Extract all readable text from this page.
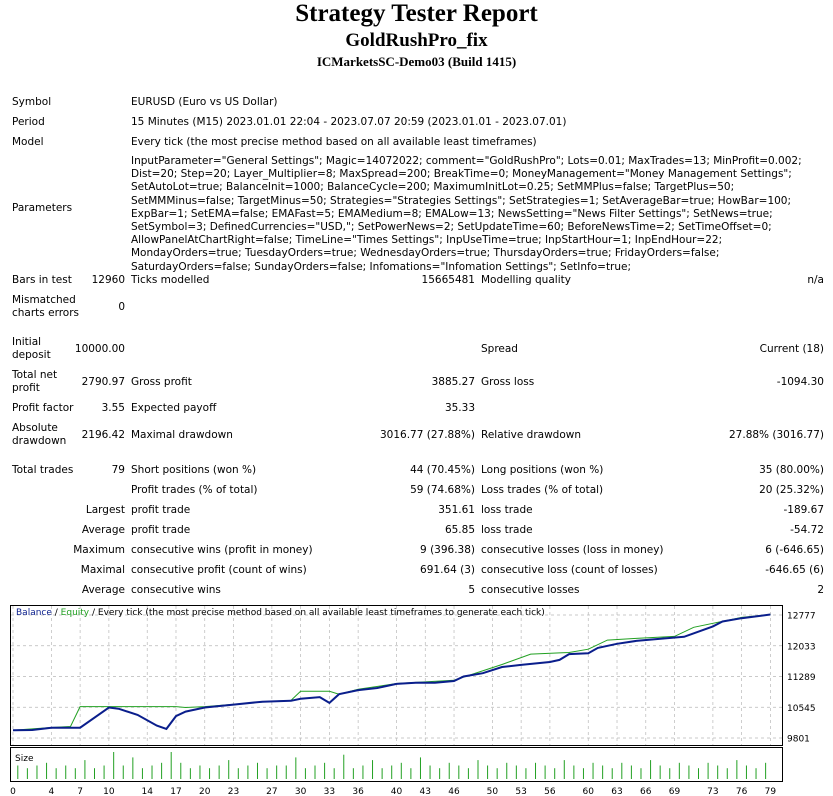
Strategy Tester Report
GoldRushPro_fix
ICMarketsSC-Demo03 (Build 1415)
Symbol	EURUSD (Euro vs US Dollar)
Period	15 Minutes (M15) 2023.01.01 22:04 - 2023.07.07 20:59 (2023.01.01 - 2023.07.01)
Model	Every tick (the most precise method based on all available least timeframes)
Parameters
InputParameter="General Settings"; Magic=14072022; comment="GoldRushPro"; Lots=0.01; MaxTrades=13; MinProfit=0.002; Dist=20; Step=20; Layer_Multiplier=8; MaxSpread=200; BreakTime=0; MoneyManagement="Money Management Settings"; SetAutoLot=true; BalanceInit=1000; BalanceCycle=200; MaximumInitLot=0.25; SetMMPlus=false; TargetPlus=50; SetMMMinus=false; TargetMinus=50; Strategies="Strategies Settings"; SetStrategies=1; SetAverageBar=true; HowBar=100; ExpBar=1; SetEMA=false; EMAFast=5; EMAMedium=8; EMALow=13; NewsSetting="News Filter Settings"; SetNews=true; SetSymbol=3; DefinedCurrencies="USD,"; SetPowerNews=2; SetUpdateTime=60; BeforeNewsTime=2; SetTimeOffset=0; AllowPanelAtChartRight=false; TimeLine="Times Settings"; InpUseTime=true; InpStartHour=1; InpEndHour=22; MondayOrders=true; TuesdayOrders=true; WednesdayOrders=true; ThursdayOrders=true; FridayOrders=false; SaturdayOrders=false; SundayOrders=false; Infomations="Infomation Settings"; SetInfo=true;
Bars in test	12960 Ticks modelled	15665481 Modelling quality	n/a
Mismatched charts errors	0
Initial deposit	10000.00	Spread	Current (18)
Total net profit	2790.97 Gross profit	3885.27 Gross loss	-1094.30
Profit factor	3.55 Expected payoff	35.33
Absolute drawdown	2196.42 Maximal drawdown	3016.77 (27.88%) Relative drawdown	27.88% (3016.77)
Total trades	79 Short positions (won %)	44 (70.45%) Long positions (won %)	35 (80.00%)
Profit trades (% of total)	59 (74.68%) Loss trades (% of total)	20 (25.32%)
Largest profit trade	351.61 loss trade	-189.67
Average profit trade	65.85 loss trade	-54.72
Maximum consecutive wins (profit in money)	9 (396.38) consecutive losses (loss in money)	6 (-646.65)
Maximal consecutive profit (count of wins)	691.64 (3) consecutive loss (count of losses)	-646.65 (6)
Average consecutive wins	5 consecutive losses	2
12777
12033
11289
10545
9801
0	4	7 10	14 17 20 23	27 30 33 36	40 43 46	50 53 56	60 63 66 69	73 76 79
Balance / Equity / Every tick (the most precise method based on all available least timeframes to generate each tick)
Size
